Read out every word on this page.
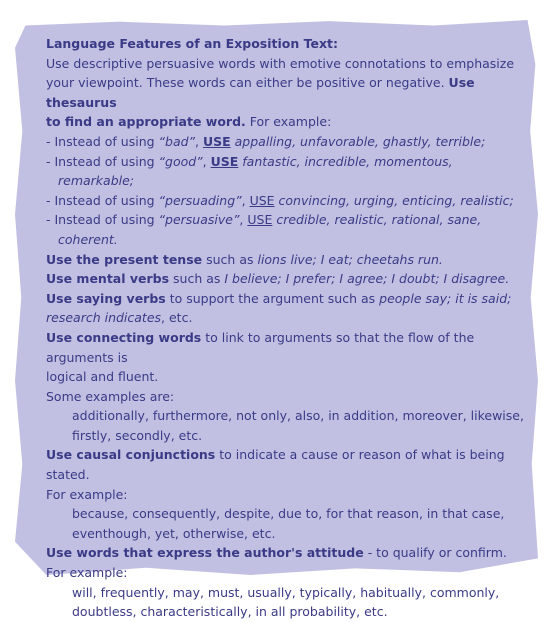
Language Features of an Exposition Text:
Use descriptive persuasive words with emotive connotations to emphasize
your viewpoint. These words can either be positive or negative. Use thesaurus
to find an appropriate word. For example:
- Instead of using “bad”, USE appalling, unfavorable, ghastly, terrible;
- Instead of using “good”, USE fantastic, incredible, momentous,
remarkable;
- Instead of using “persuading”, USE convincing, urging, enticing, realistic;
- Instead of using “persuasive”, USE credible, realistic, rational, sane,
coherent.
Use the present tense such as lions live; I eat; cheetahs run.
Use mental verbs such as I believe; I prefer; I agree; I doubt; I disagree.
Use saying verbs to support the argument such as people say; it is said;
research indicates, etc.
Use connecting words to link to arguments so that the flow of the arguments is
logical and fluent.
Some examples are:
additionally, furthermore, not only, also, in addition, moreover, likewise,
firstly, secondly, etc.
Use causal conjunctions to indicate a cause or reason of what is being stated.
For example:
because, consequently, despite, due to, for that reason, in that case,
eventhough, yet, otherwise, etc.
Use words that express the author's attitude - to qualify or confirm.
For example:
will, frequently, may, must, usually, typically, habitually, commonly,
doubtless, characteristically, in all probability, etc.
